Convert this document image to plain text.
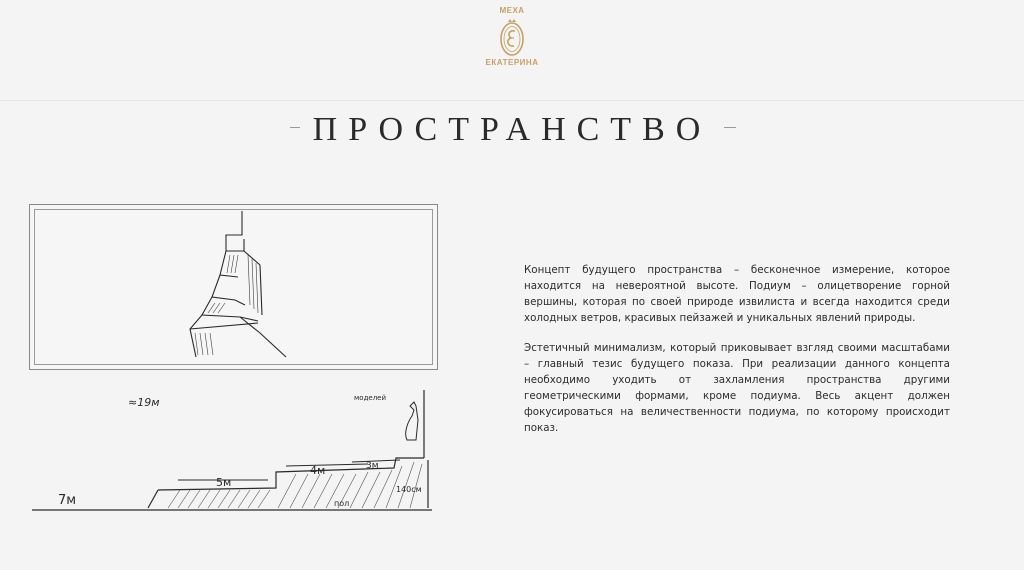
МЕХА
ЕКАТЕРИНА
ПРОСТРАНСТВО
≈19м
7м
5м
4м	3м
140см
пол
моделей

Концепт будущего пространства – бесконечное измерение, которое находится на невероятной высоте. Подиум – олицетворение горной вершины, которая по своей природе извилиста и всегда находится среди холодных ветров, красивых пейзажей и уникальных явлений природы.

Эстетичный минимализм, который приковывает взгляд своими масштабами – главный тезис будущего показа. При реализации данного концепта необходимо уходить от захламления пространства другими геометрическими формами, кроме подиума. Весь акцент должен фокусироваться на величественности подиума, по которому происходит показ.
